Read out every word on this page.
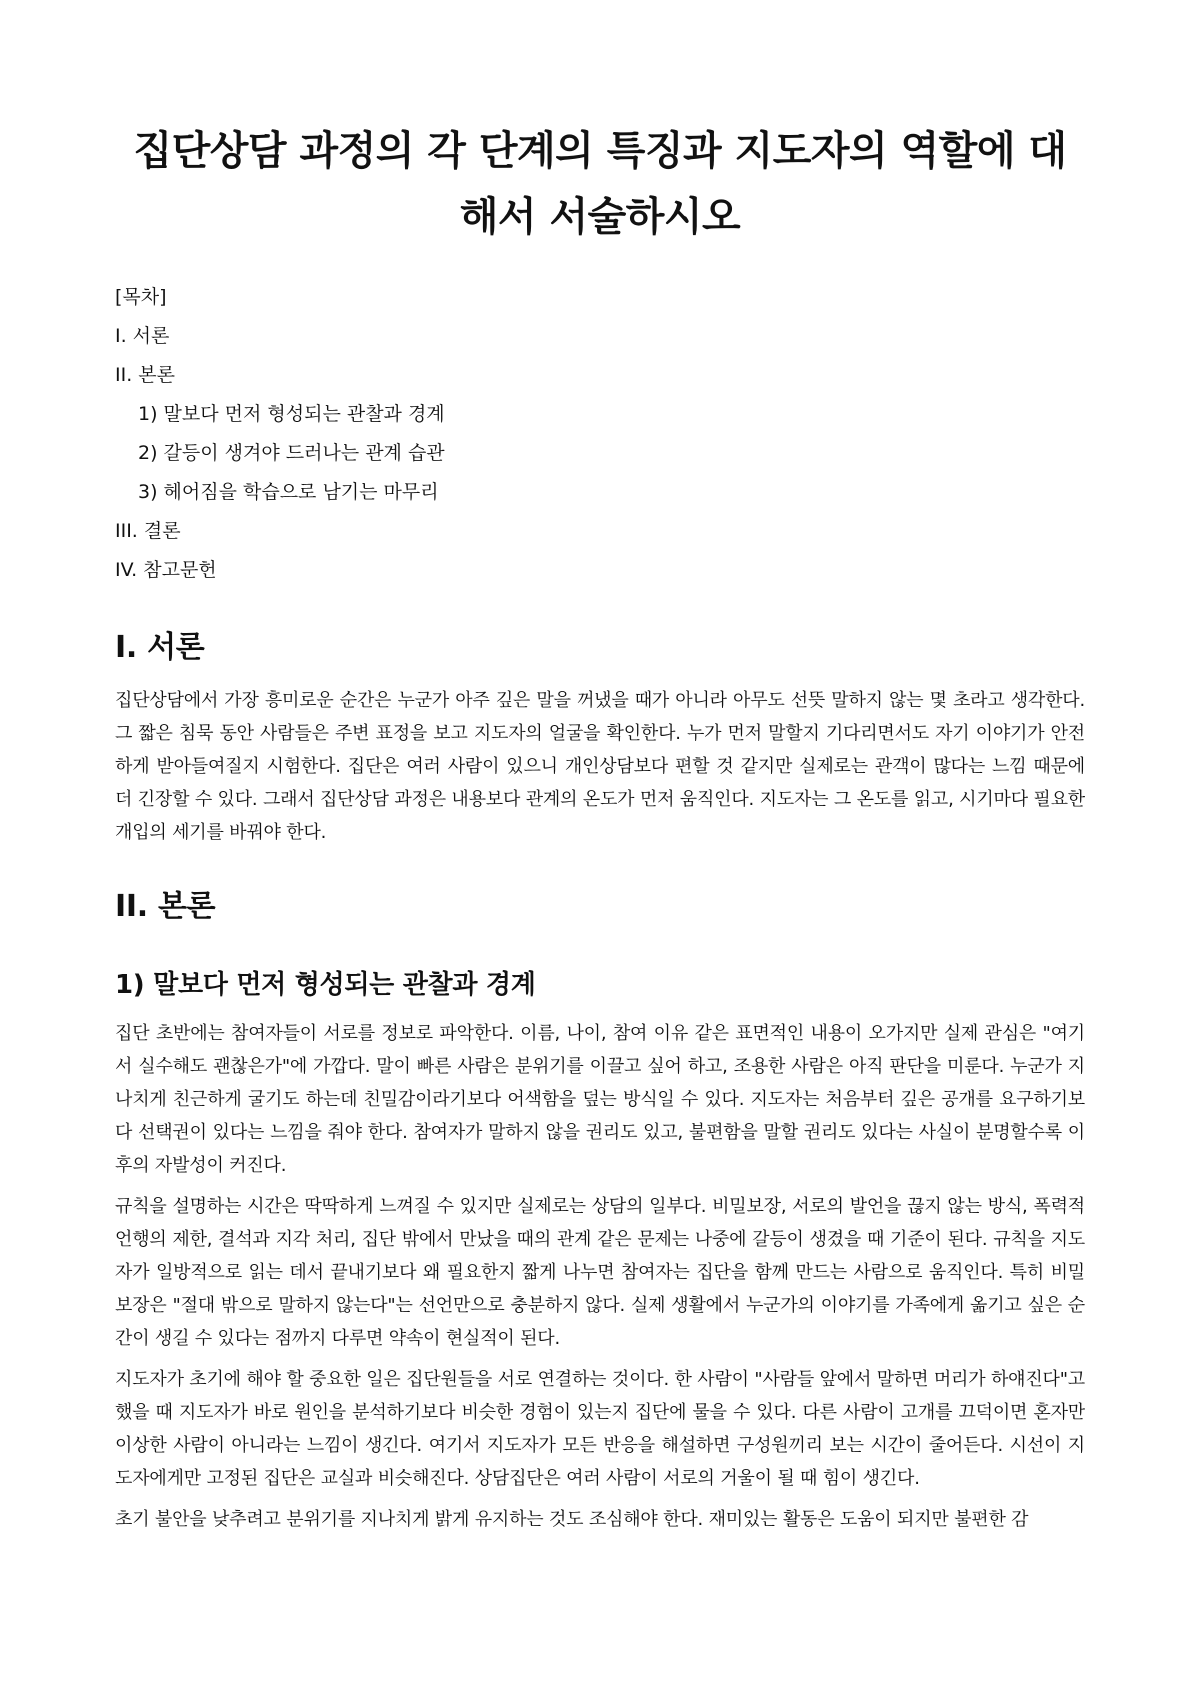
집단상담 과정의 각 단계의 특징과 지도자의 역할에 대해서 서술하시오
[목차]
I. 서론
II. 본론
1) 말보다 먼저 형성되는 관찰과 경계
2) 갈등이 생겨야 드러나는 관계 습관
3) 헤어짐을 학습으로 남기는 마무리
III. 결론
IV. 참고문헌
I. 서론

집단상담에서 가장 흥미로운 순간은 누군가 아주 깊은 말을 꺼냈을 때가 아니라 아무도 선뜻 말하지 않는 몇 초라고 생각한다. 그 짧은 침묵 동안 사람들은 주변 표정을 보고 지도자의 얼굴을 확인한다. 누가 먼저 말할지 기다리면서도 자기 이야기가 안전하게 받아들여질지 시험한다. 집단은 여러 사람이 있으니 개인상담보다 편할 것 같지만 실제로는 관객이 많다는 느낌 때문에 더 긴장할 수 있다. 그래서 집단상담 과정은 내용보다 관계의 온도가 먼저 움직인다. 지도자는 그 온도를 읽고, 시기마다 필요한 개입의 세기를 바꿔야 한다.

II. 본론
1) 말보다 먼저 형성되는 관찰과 경계

집단 초반에는 참여자들이 서로를 정보로 파악한다. 이름, 나이, 참여 이유 같은 표면적인 내용이 오가지만 실제 관심은 "여기서 실수해도 괜찮은가"에 가깝다. 말이 빠른 사람은 분위기를 이끌고 싶어 하고, 조용한 사람은 아직 판단을 미룬다. 누군가 지나치게 친근하게 굴기도 하는데 친밀감이라기보다 어색함을 덮는 방식일 수 있다. 지도자는 처음부터 깊은 공개를 요구하기보다 선택권이 있다는 느낌을 줘야 한다. 참여자가 말하지 않을 권리도 있고, 불편함을 말할 권리도 있다는 사실이 분명할수록 이후의 자발성이 커진다.

규칙을 설명하는 시간은 딱딱하게 느껴질 수 있지만 실제로는 상담의 일부다. 비밀보장, 서로의 발언을 끊지 않는 방식, 폭력적 언행의 제한, 결석과 지각 처리, 집단 밖에서 만났을 때의 관계 같은 문제는 나중에 갈등이 생겼을 때 기준이 된다. 규칙을 지도자가 일방적으로 읽는 데서 끝내기보다 왜 필요한지 짧게 나누면 참여자는 집단을 함께 만드는 사람으로 움직인다. 특히 비밀보장은 "절대 밖으로 말하지 않는다"는 선언만으로 충분하지 않다. 실제 생활에서 누군가의 이야기를 가족에게 옮기고 싶은 순간이 생길 수 있다는 점까지 다루면 약속이 현실적이 된다.

지도자가 초기에 해야 할 중요한 일은 집단원들을 서로 연결하는 것이다. 한 사람이 "사람들 앞에서 말하면 머리가 하얘진다"고 했을 때 지도자가 바로 원인을 분석하기보다 비슷한 경험이 있는지 집단에 물을 수 있다. 다른 사람이 고개를 끄덕이면 혼자만 이상한 사람이 아니라는 느낌이 생긴다. 여기서 지도자가 모든 반응을 해설하면 구성원끼리 보는 시간이 줄어든다. 시선이 지도자에게만 고정된 집단은 교실과 비슷해진다. 상담집단은 여러 사람이 서로의 거울이 될 때 힘이 생긴다.

초기 불안을 낮추려고 분위기를 지나치게 밝게 유지하는 것도 조심해야 한다. 재미있는 활동은 도움이 되지만 불편한 감
